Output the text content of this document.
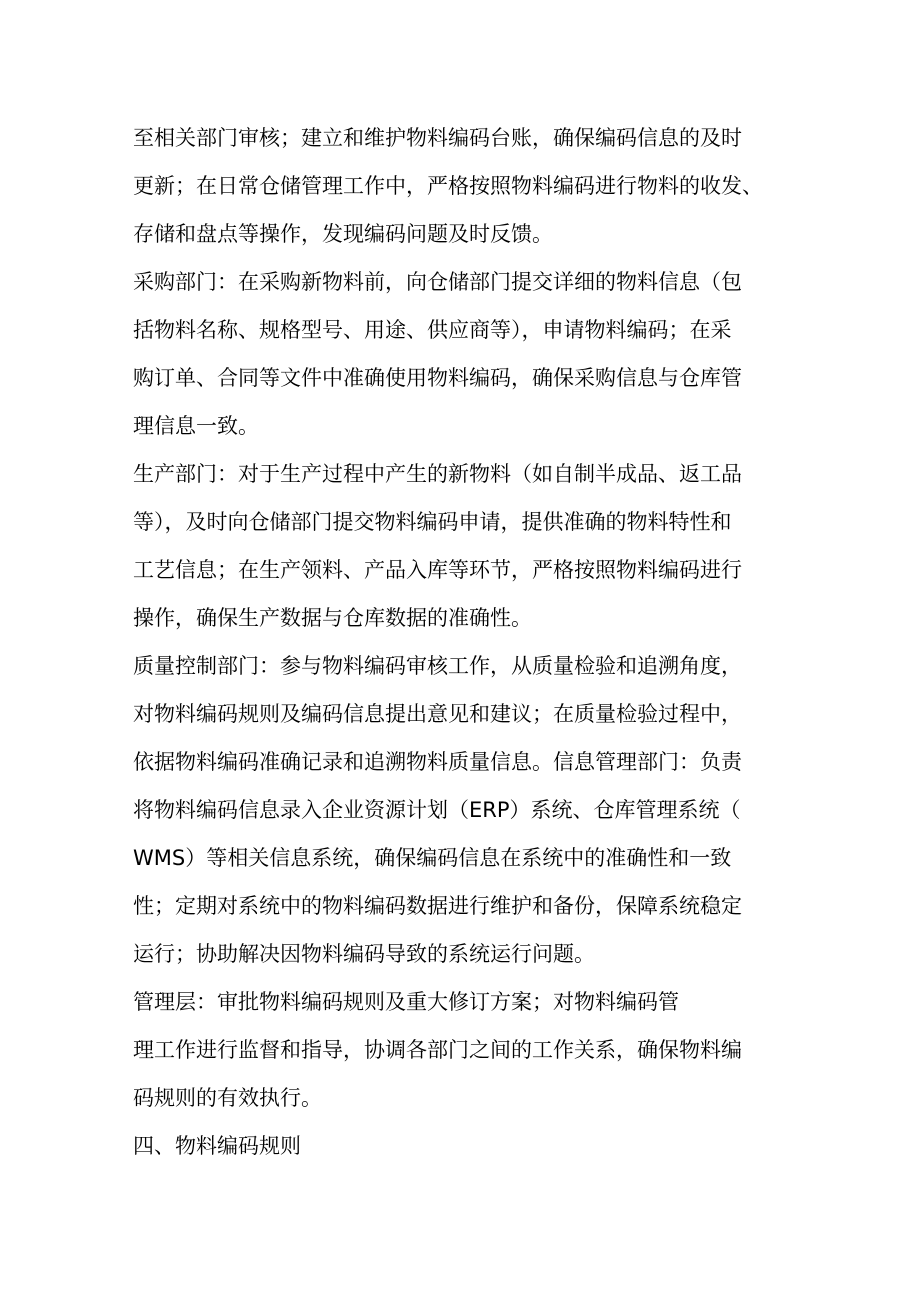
至相关部门审核；建立和维护物料编码台账，确保编码信息的及时
更新；在日常仓储管理工作中，严格按照物料编码进行物料的收发、
存储和盘点等操作，发现编码问题及时反馈。
采购部门：在采购新物料前，向仓储部门提交详细的物料信息（包
括物料名称、规格型号、用途、供应商等），申请物料编码；在采
购订单、合同等文件中准确使用物料编码，确保采购信息与仓库管
理信息一致。
生产部门：对于生产过程中产生的新物料（如自制半成品、返工品
等），及时向仓储部门提交物料编码申请，提供准确的物料特性和
工艺信息；在生产领料、产品入库等环节，严格按照物料编码进行
操作，确保生产数据与仓库数据的准确性。
质量控制部门：参与物料编码审核工作，从质量检验和追溯角度，
对物料编码规则及编码信息提出意见和建议；在质量检验过程中，
依据物料编码准确记录和追溯物料质量信息。信息管理部门：负责
将物料编码信息录入企业资源计划（ERP）系统、仓库管理系统（
WMS）等相关信息系统，确保编码信息在系统中的准确性和一致
性；定期对系统中的物料编码数据进行维护和备份，保障系统稳定
运行；协助解决因物料编码导致的系统运行问题。
管理层：审批物料编码规则及重大修订方案；对物料编码管
理工作进行监督和指导，协调各部门之间的工作关系，确保物料编
码规则的有效执行。
四、物料编码规则
